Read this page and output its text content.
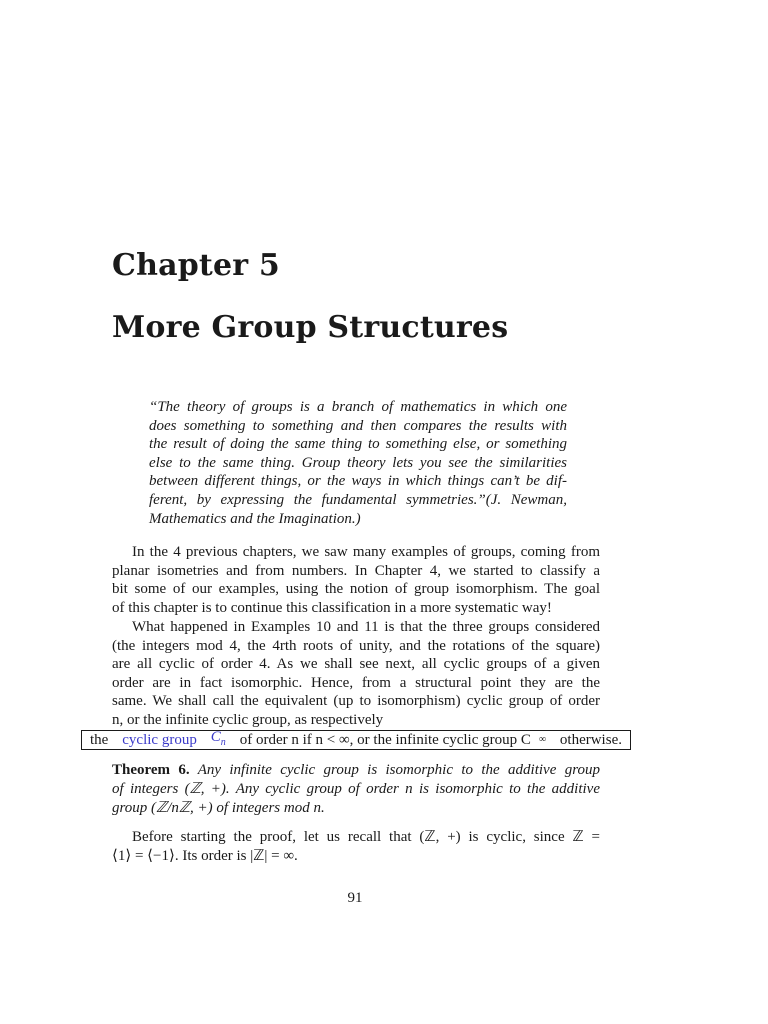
Chapter 5
More Group Structures
“The theory of groups is a branch of mathematics in which one
does something to something and then compares the results with
the result of doing the same thing to something else, or something
else to the same thing. Group theory lets you see the similarities
between different things, or the ways in which things can’t be dif-
ferent, by expressing the fundamental symmetries.”(J. Newman,
Mathematics and the Imagination.)
In the 4 previous chapters, we saw many examples of groups, coming from
planar isometries and from numbers. In Chapter 4, we started to classify a
bit some of our examples, using the notion of group isomorphism. The goal
of this chapter is to continue this classification in a more systematic way!
What happened in Examples 10 and 11 is that the three groups considered
(the integers mod 4, the 4rth roots of unity, and the rotations of the square)
are all cyclic of order 4. As we shall see next, all cyclic groups of a given
order are in fact isomorphic. Hence, from a structural point they are the
same. We shall call the equivalent (up to isomorphism) cyclic group of order
n, or the infinite cyclic group, as respectively
the cyclic group $C_n$ of order n if n < ∞, or the infinite cyclic group C ∞ otherwise.
Theorem 6. Any infinite cyclic group is isomorphic to the additive group
of integers (ℤ, +). Any cyclic group of order n is isomorphic to the additive
group (ℤ/nℤ, +) of integers mod n.
Before starting the proof, let us recall that (ℤ, +) is cyclic, since ℤ =
⟨1⟩ = ⟨−1⟩. Its order is |ℤ| = ∞.
91
